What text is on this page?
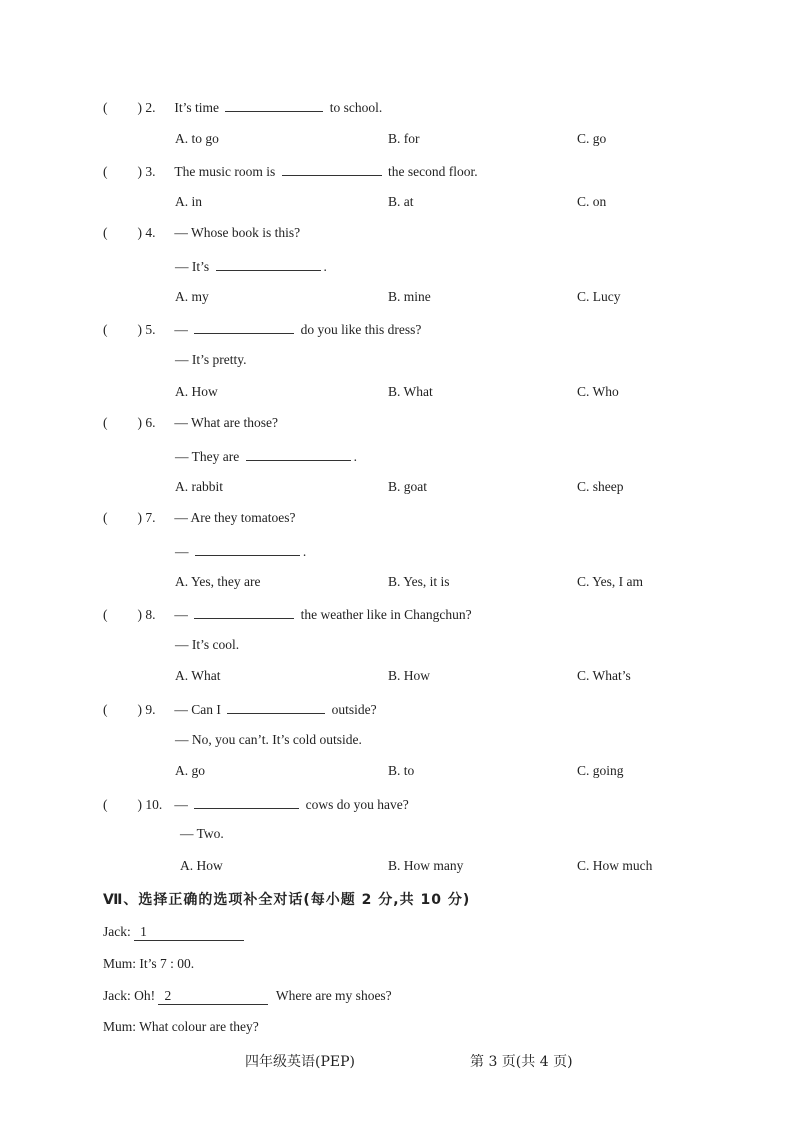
( ) 2. It’s time	to school.
A. to go	B. for	C. go
( ) 3. The music room is	the second floor.
A. in	B. at	C. on
( ) 4. — Whose book is this?
— It’s	.
A. my	B. mine	C. Lucy
( ) 5. —	do you like this dress?
— It’s pretty.
A. How	B. What	C. Who
( ) 6. — What are those?
— They are	.
A. rabbit	B. goat	C. sheep
( ) 7. — Are they tomatoes?
—	.
A. Yes, they are	B. Yes, it is	C. Yes, I am
( ) 8. —	the weather like in Changchun?
— It’s cool.
A. What	B. How	C. What’s
( ) 9. — Can I	outside?
— No, you can’t. It’s cold outside.
A. go	B. to	C. going
( ) 10. —	cows do you have?
— Two.
A. How	B. How many	C. How much
Ⅶ、选择正确的选项补全对话(每小题 2 分,共 10 分)
Jack: 1
Mum: It’s 7 : 00.
Jack: Oh! 2	Where are my shoes?
Mum: What colour are they?
四年级英语(PEP)	第 3 页(共 4 页)
